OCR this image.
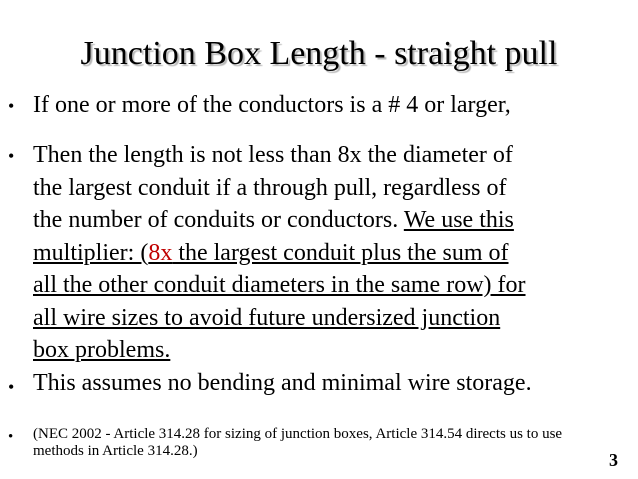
Junction Box Length - straight pull
• If one or more of the conductors is a # 4 or larger,
• Then the length is not less than 8x the diameter of
the largest conduit if a through pull, regardless of
the number of conduits or conductors. We use this
multiplier: (8x the largest conduit plus the sum of
all the other conduit diameters in the same row) for
all wire sizes to avoid future undersized junction
box problems.
• This assumes no bending and minimal wire storage.
• (NEC 2002 - Article 314.28 for sizing of junction boxes, Article 314.54 directs us to use
methods in Article 314.28.)	3
